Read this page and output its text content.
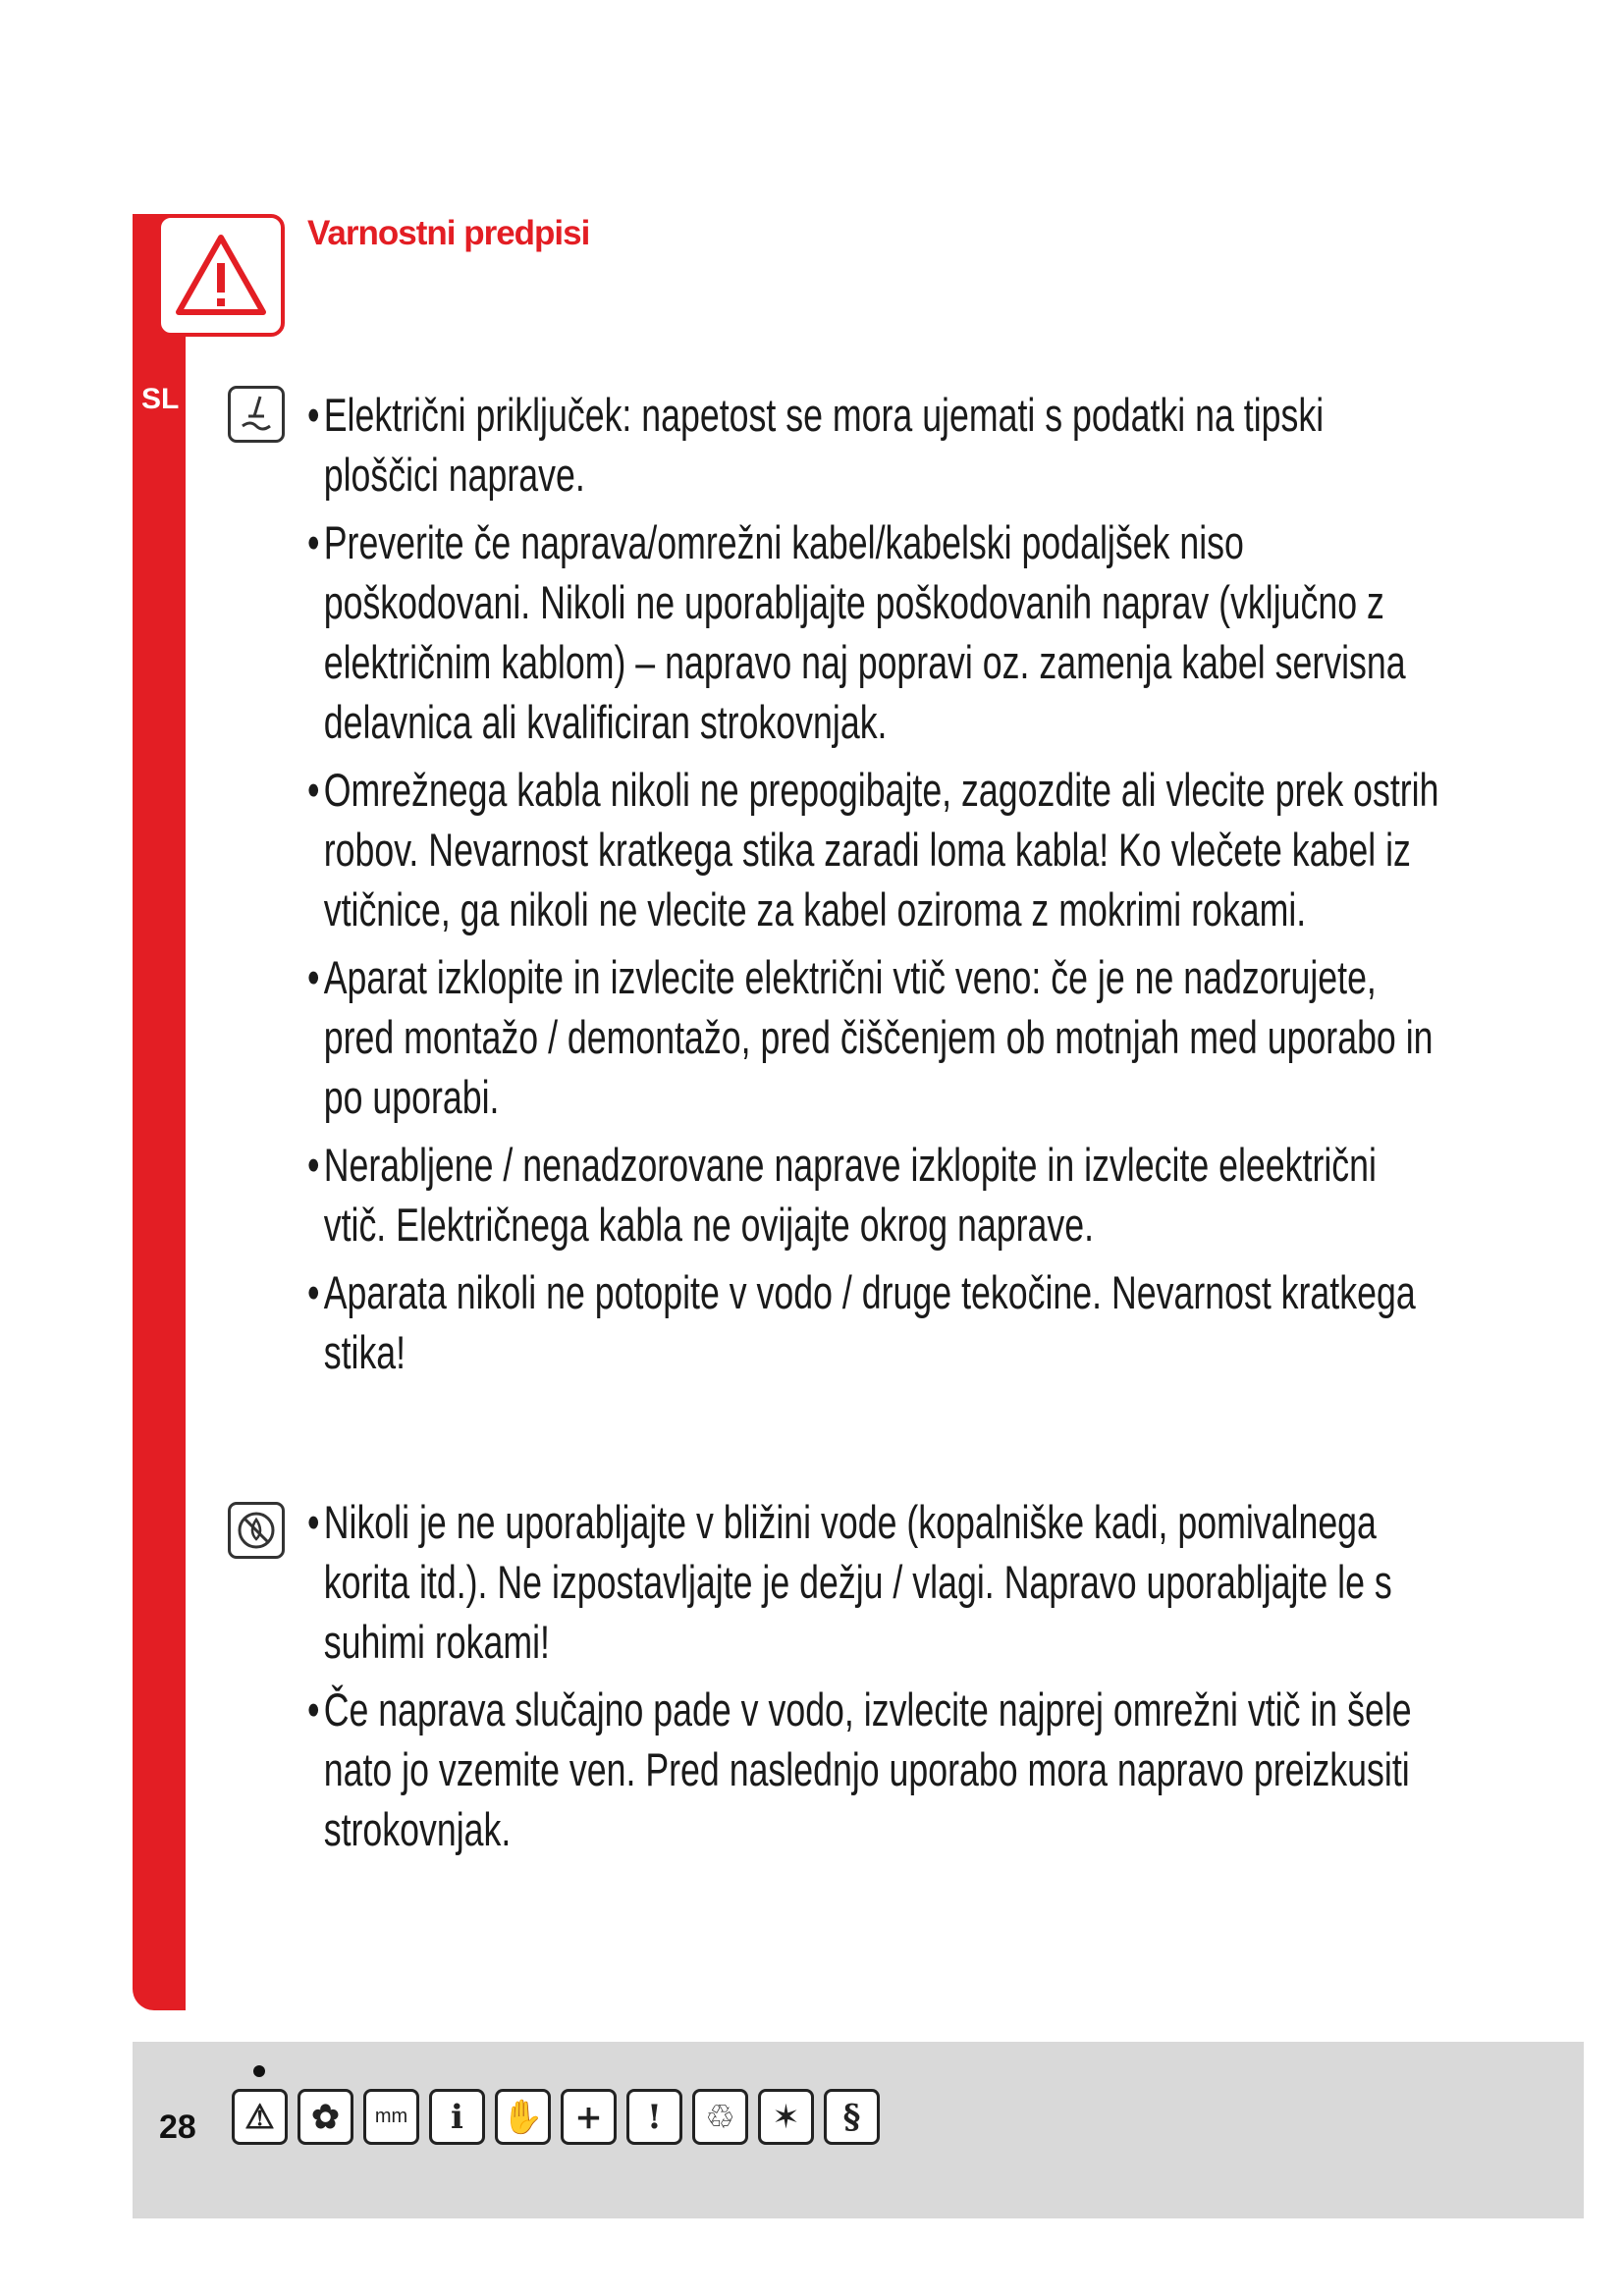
Varnostni predpisi
SL
•	Električni priključek: napetost se mora ujemati s podatki na tipski ploščici naprave.
• Preverite če naprava/omrežni kabel/kabelski podaljšek niso poškodovani. Nikoli ne uporabljajte poškodovanih naprav (vključno z električnim kablom) – napravo naj popravi oz. zamenja kabel servisna delavnica ali kvalificiran strokovnjak.
• Omrežnega kabla nikoli ne prepogibajte, zagozdite ali vlecite prek ostrih robov. Nevarnost kratkega stika zaradi loma kabla! Ko vlečete kabel iz vtičnice, ga nikoli ne vlecite za kabel oziroma z mokrimi rokami.
• Aparat izklopite in izvlecite električni vtič veno: če je ne nadzorujete, pred montažo / demontažo, pred čiščenjem ob motnjah med uporabo in po uporabi.
• Nerabljene / nenadzorovane naprave izklopite in izvlecite eleektrični vtič. Električnega kabla ne ovijajte okrog naprave.
• Aparata nikoli ne potopite v vodo / druge tekočine. Nevarnost kratkega stika!
• Nikoli je ne uporabljajte v bližini vode (kopalniške kadi, pomivalnega korita itd.). Ne izpostavljajte je dežju / vlagi. Napravo uporabljajte le s suhimi rokami!
• Če naprava slučajno pade v vodo, izvlecite najprej omrežni vtič in šele nato jo vzemite ven. Pred naslednjo uporabo mora napravo preizkusiti strokovnjak.
28	⚠	✿	mm	i	✋ +	!	♲	✶	§
